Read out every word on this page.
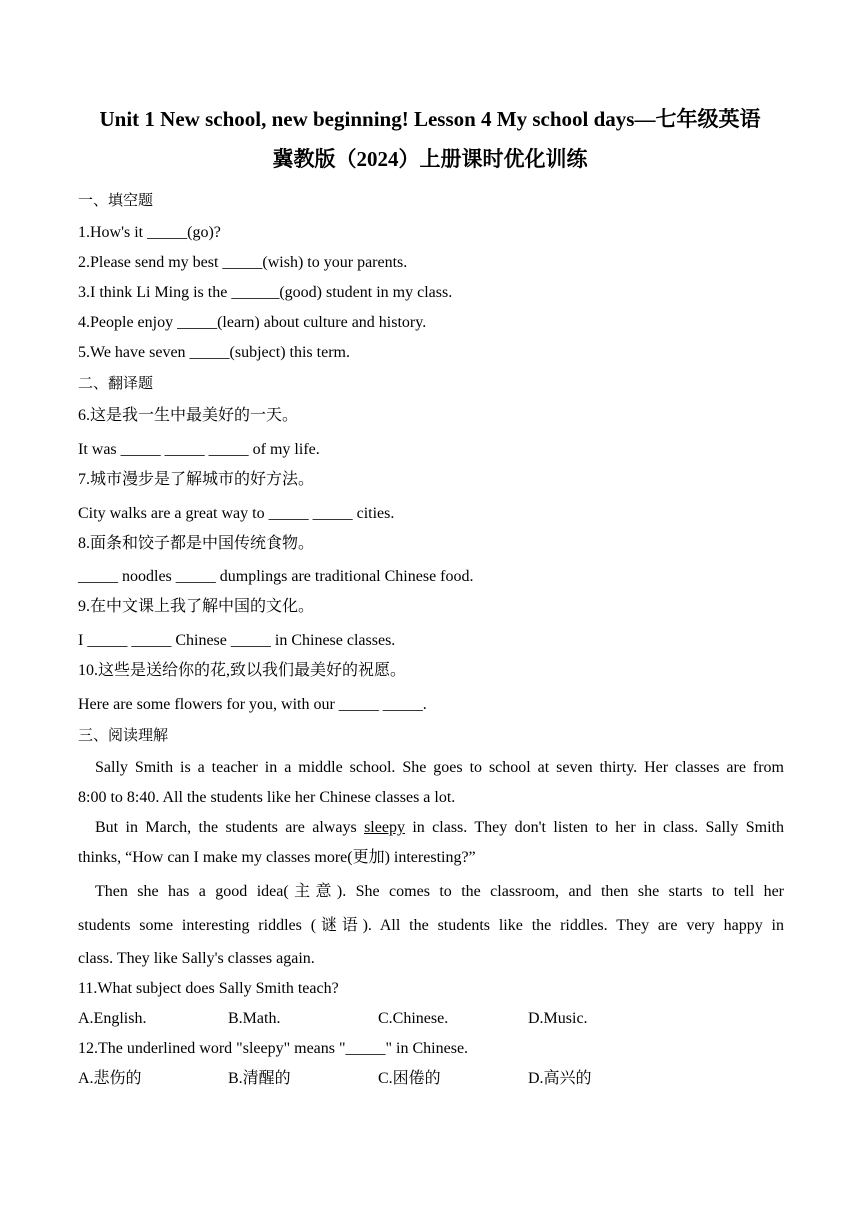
Unit 1 New school, new beginning! Lesson 4 My school days—七年级英语
冀教版（2024）上册课时优化训练
一、填空题
1.How's it _____(go)?
2.Please send my best _____(wish) to your parents.
3.I think Li Ming is the ______(good) student in my class.
4.People enjoy _____(learn) about culture and history.
5.We have seven _____(subject) this term.
二、翻译题
6.这是我一生中最美好的一天。
It was _____ _____ _____ of my life.
7.城市漫步是了解城市的好方法。
City walks are a great way to _____ _____ cities.
8.面条和饺子都是中国传统食物。
_____ noodles _____ dumplings are traditional Chinese food.
9.在中文课上我了解中国的文化。
I _____ _____ Chinese _____ in Chinese classes.
10.这些是送给你的花,致以我们最美好的祝愿。
Here are some flowers for you, with our _____ _____.
三、阅读理解
Sally Smith is a teacher in a middle school. She goes to school at seven thirty. Her classes are from
8:00 to 8:40. All the students like her Chinese classes a lot.
But in March, the students are always sleepy in class. They don't listen to her in class. Sally Smith
thinks, “How can I make my classes more(更加) interesting?”
Then she has a good idea(主意). She comes to the classroom, and then she starts to tell her
students some interesting riddles (谜语). All the students like the riddles. They are very happy in
class. They like Sally's classes again.
11.What subject does Sally Smith teach?
A.English.	B.Math.	C.Chinese.	D.Music.
12.The underlined word "sleepy" means "_____" in Chinese.
A.悲伤的	B.清醒的	C.困倦的	D.高兴的
